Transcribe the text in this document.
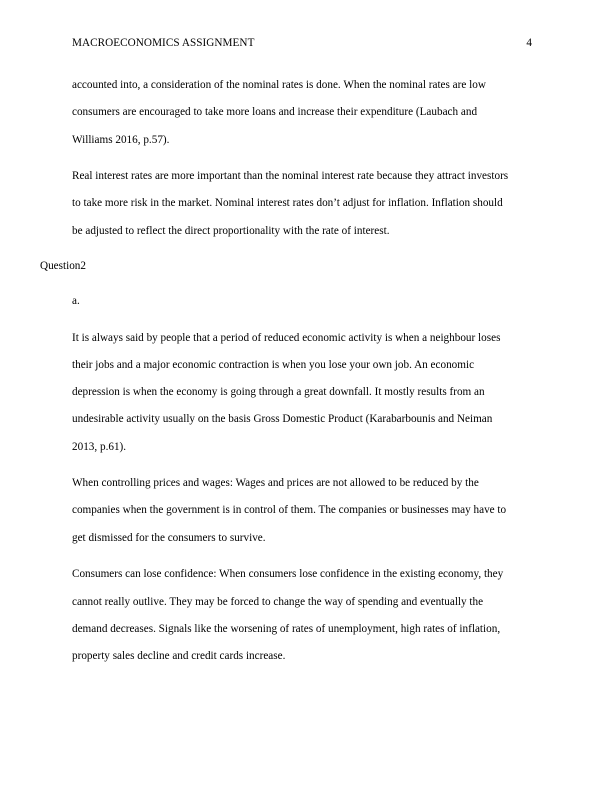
MACROECONOMICS ASSIGNMENT	4
accounted into, a consideration of the nominal rates is done. When the nominal rates are low
consumers are encouraged to take more loans and increase their expenditure (Laubach and
Williams 2016, p.57).
Real interest rates are more important than the nominal interest rate because they attract investors
to take more risk in the market. Nominal interest rates don’t adjust for inflation. Inflation should
be adjusted to reflect the direct proportionality with the rate of interest.
Question2
a.
It is always said by people that a period of reduced economic activity is when a neighbour loses
their jobs and a major economic contraction is when you lose your own job. An economic
depression is when the economy is going through a great downfall. It mostly results from an
undesirable activity usually on the basis Gross Domestic Product (Karabarbounis and Neiman
2013, p.61).
When controlling prices and wages: Wages and prices are not allowed to be reduced by the
companies when the government is in control of them. The companies or businesses may have to
get dismissed for the consumers to survive.
Consumers can lose confidence: When consumers lose confidence in the existing economy, they
cannot really outlive. They may be forced to change the way of spending and eventually the
demand decreases. Signals like the worsening of rates of unemployment, high rates of inflation,
property sales decline and credit cards increase.
